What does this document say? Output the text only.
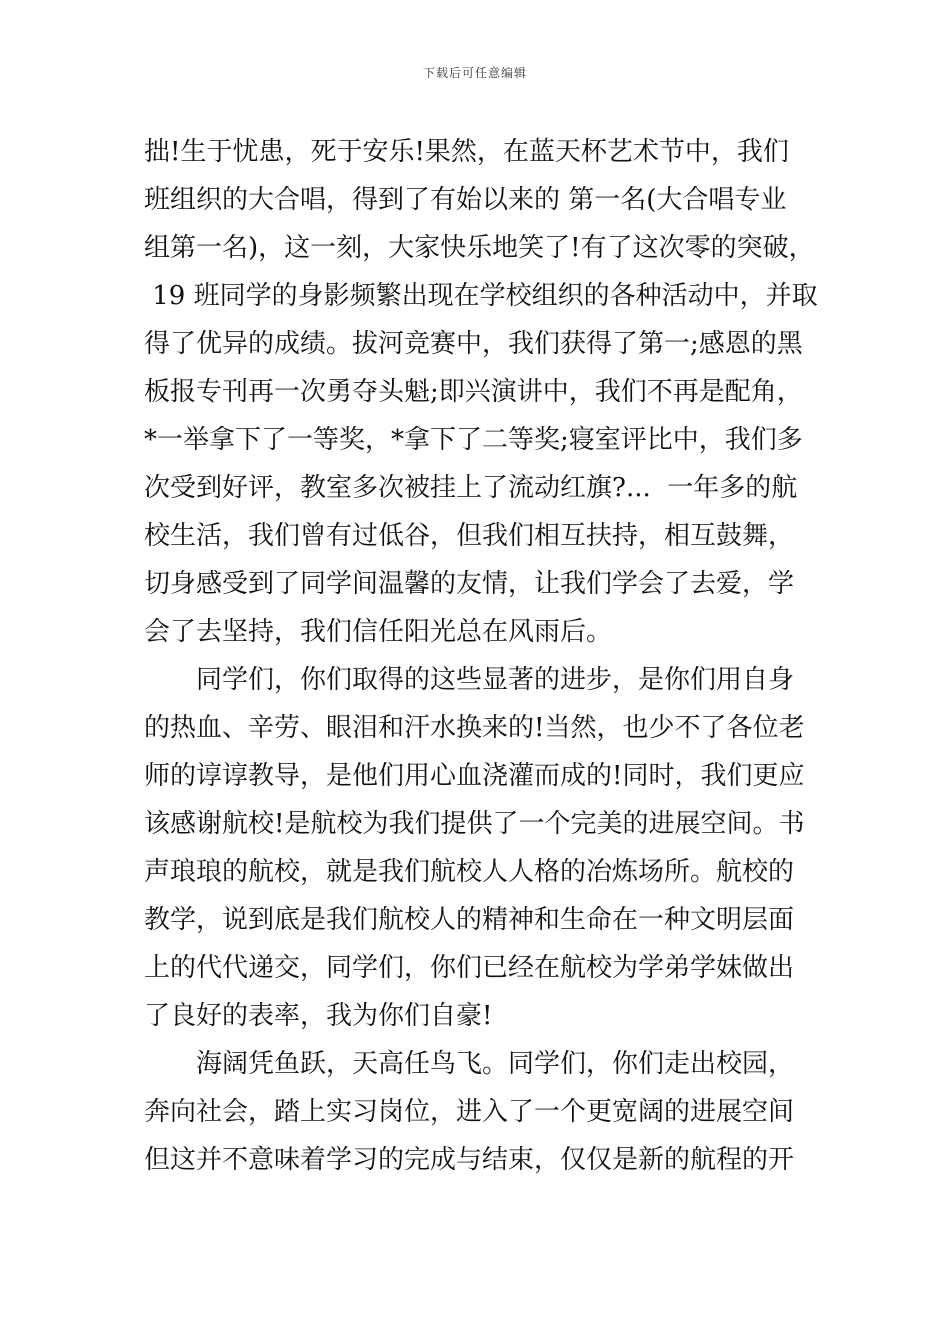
下载后可任意编辑
拙!生于忧患，死于安乐!果然，在蓝天杯艺术节中，我们
班组织的大合唱，得到了有始以来的 第一名(大合唱专业
组第一名)，这一刻，大家快乐地笑了!有了这次零的突破，
19 班同学的身影频繁出现在学校组织的各种活动中，并取
得了优异的成绩。拔河竞赛中，我们获得了第一;感恩的黑
板报专刊再一次勇夺头魁;即兴演讲中，我们不再是配角，
*一举拿下了一等奖，*拿下了二等奖;寝室评比中，我们多
次受到好评，教室多次被挂上了流动红旗?...  一年多的航
校生活，我们曾有过低谷，但我们相互扶持，相互鼓舞，
切身感受到了同学间温馨的友情，让我们学会了去爱，学
会了去坚持，我们信任阳光总在风雨后。
同学们，你们取得的这些显著的进步，是你们用自身
的热血、辛劳、眼泪和汗水换来的!当然，也少不了各位老
师的谆谆教导，是他们用心血浇灌而成的!同时，我们更应
该感谢航校!是航校为我们提供了一个完美的进展空间。书
声琅琅的航校，就是我们航校人人格的冶炼场所。航校的
教学，说到底是我们航校人的精神和生命在一种文明层面
上的代代递交，同学们，你们已经在航校为学弟学妹做出
了良好的表率，我为你们自豪!
海阔凭鱼跃，天高任鸟飞。同学们，你们走出校园，
奔向社会，踏上实习岗位，进入了一个更宽阔的进展空间
但这并不意味着学习的完成与结束，仅仅是新的航程的开
